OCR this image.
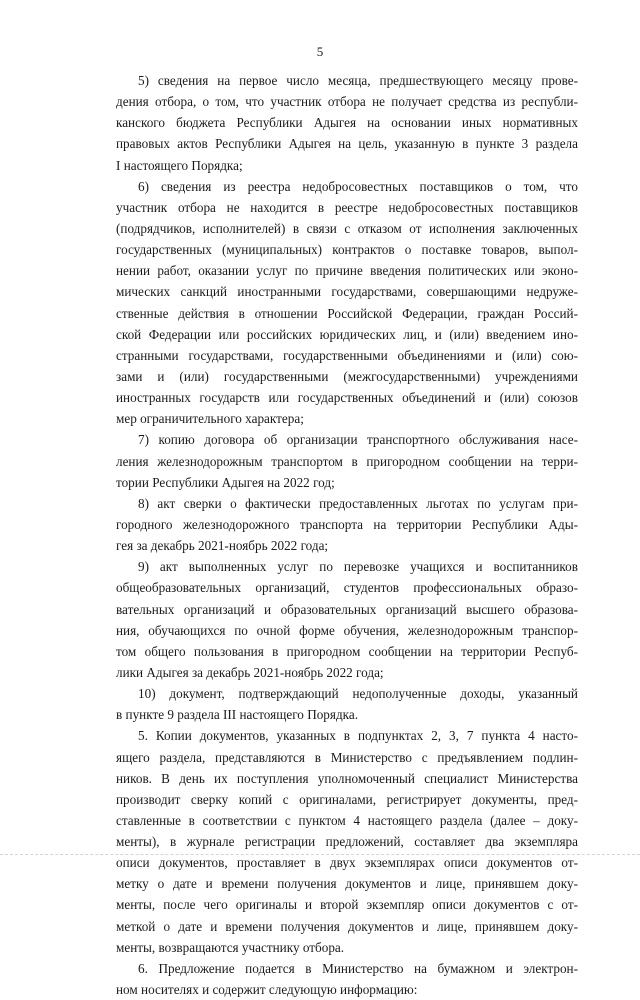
5
5) сведения на первое число месяца, предшествующего месяцу прове-
дения отбора, о том, что участник отбора не получает средства из республи-
канского бюджета Республики Адыгея на основании иных нормативных
правовых актов Республики Адыгея на цель, указанную в пункте 3 раздела
I настоящего Порядка;
6) сведения из реестра недобросовестных поставщиков о том, что
участник отбора не находится в реестре недобросовестных поставщиков
(подрядчиков, исполнителей) в связи с отказом от исполнения заключенных
государственных (муниципальных) контрактов о поставке товаров, выпол-
нении работ, оказании услуг по причине введения политических или эконо-
мических санкций иностранными государствами, совершающими недруже-
ственные действия в отношении Российской Федерации, граждан Россий-
ской Федерации или российских юридических лиц, и (или) введением ино-
странными государствами, государственными объединениями и (или) сою-
зами и (или) государственными (межгосударственными) учреждениями
иностранных государств или государственных объединений и (или) союзов
мер ограничительного характера;
7) копию договора об организации транспортного обслуживания насе-
ления железнодорожным транспортом в пригородном сообщении на терри-
тории Республики Адыгея на 2022 год;
8) акт сверки о фактически предоставленных льготах по услугам при-
городного железнодорожного транспорта на территории Республики Ады-
гея за декабрь 2021-ноябрь 2022 года;
9) акт выполненных услуг по перевозке учащихся и воспитанников
общеобразовательных организаций, студентов профессиональных образо-
вательных организаций и образовательных организаций высшего образова-
ния, обучающихся по очной форме обучения, железнодорожным транспор-
том общего пользования в пригородном сообщении на территории Респуб-
лики Адыгея за декабрь 2021-ноябрь 2022 года;
10) документ, подтверждающий недополученные доходы, указанный
в пункте 9 раздела III настоящего Порядка.
5. Копии документов, указанных в подпунктах 2, 3, 7 пункта 4 насто-
ящего раздела, представляются в Министерство с предъявлением подлин-
ников. В день их поступления уполномоченный специалист Министерства
производит сверку копий с оригиналами, регистрирует документы, пред-
ставленные в соответствии с пунктом 4 настоящего раздела (далее – доку-
менты), в журнале регистрации предложений, составляет два экземпляра
описи документов, проставляет в двух экземплярах описи документов от-
метку о дате и времени получения документов и лице, принявшем доку-
менты, после чего оригиналы и второй экземпляр описи документов с от-
меткой о дате и времени получения документов и лице, принявшем доку-
менты, возвращаются участнику отбора.
6. Предложение подается в Министерство на бумажном и электрон-
ном носителях и содержит следующую информацию:
